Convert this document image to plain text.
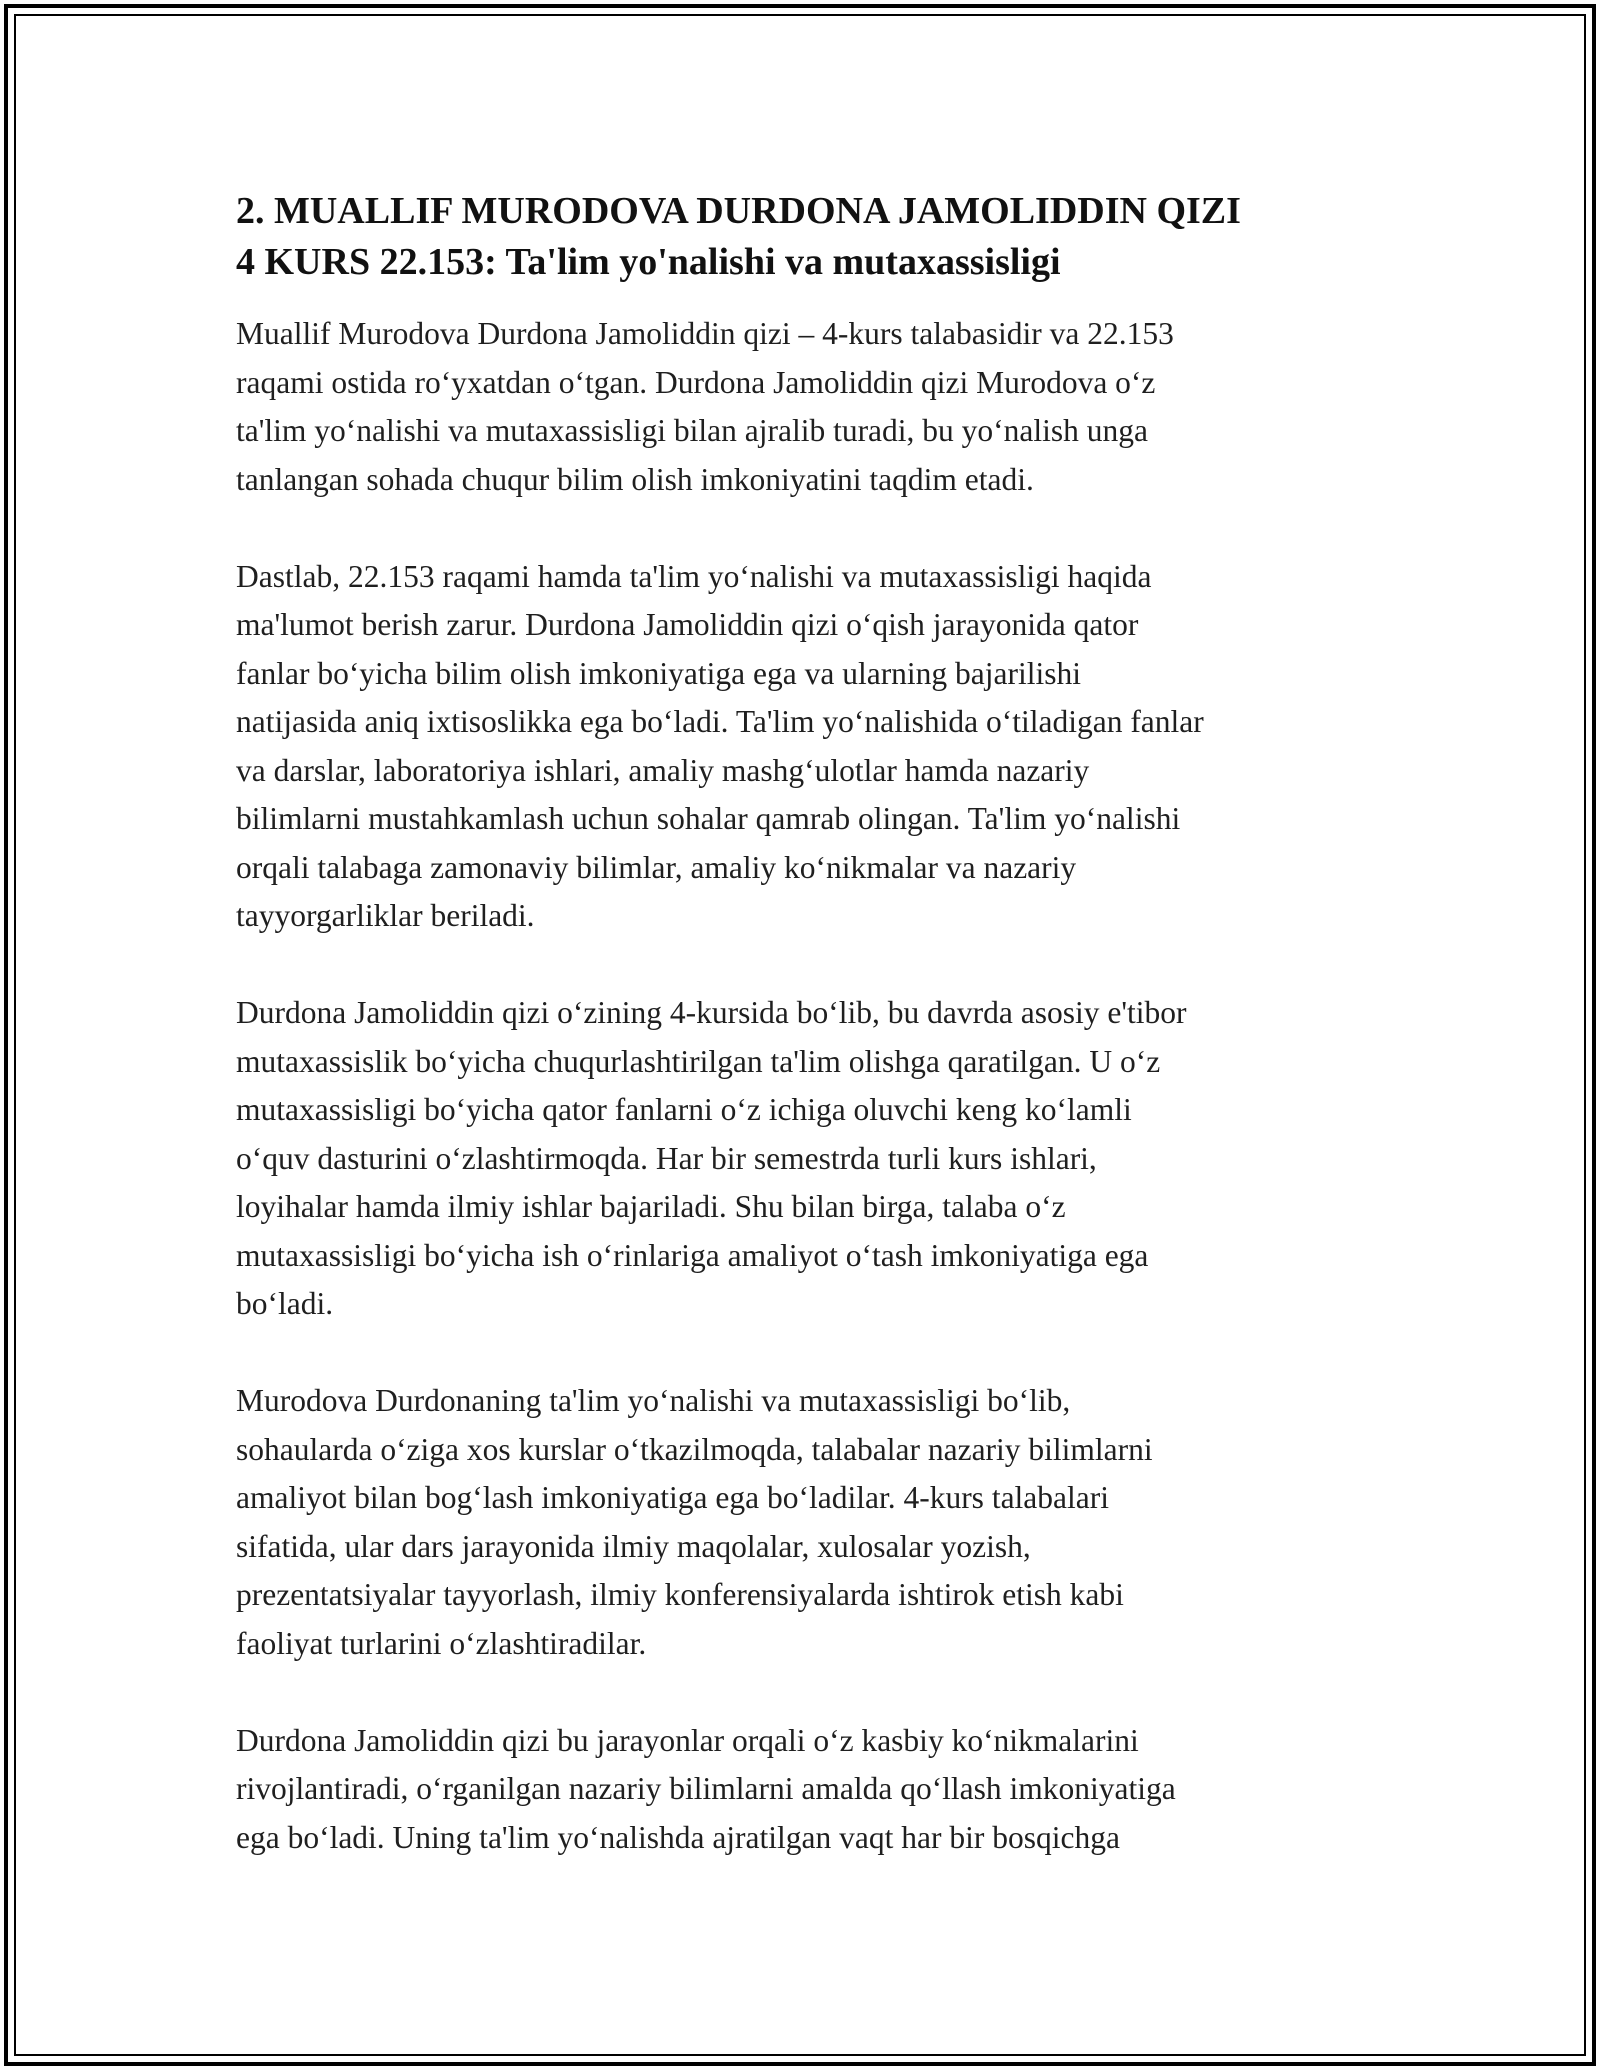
2. MUALLIF MURODOVA DURDONA JAMOLIDDIN QIZI
4 KURS 22.153: Ta'lim yo'nalishi va mutaxassisligi
Muallif Murodova Durdona Jamoliddin qizi – 4-kurs talabasidir va 22.153
raqami ostida ro‘yxatdan o‘tgan. Durdona Jamoliddin qizi Murodova o‘z
ta'lim yo‘nalishi va mutaxassisligi bilan ajralib turadi, bu yo‘nalish unga
tanlangan sohada chuqur bilim olish imkoniyatini taqdim etadi.
Dastlab, 22.153 raqami hamda ta'lim yo‘nalishi va mutaxassisligi haqida
ma'lumot berish zarur. Durdona Jamoliddin qizi o‘qish jarayonida qator
fanlar bo‘yicha bilim olish imkoniyatiga ega va ularning bajarilishi
natijasida aniq ixtisoslikka ega bo‘ladi. Ta'lim yo‘nalishida o‘tiladigan fanlar
va darslar, laboratoriya ishlari, amaliy mashg‘ulotlar hamda nazariy
bilimlarni mustahkamlash uchun sohalar qamrab olingan. Ta'lim yo‘nalishi
orqali talabaga zamonaviy bilimlar, amaliy ko‘nikmalar va nazariy
tayyorgarliklar beriladi.
Durdona Jamoliddin qizi o‘zining 4-kursida bo‘lib, bu davrda asosiy e'tibor
mutaxassislik bo‘yicha chuqurlashtirilgan ta'lim olishga qaratilgan. U o‘z
mutaxassisligi bo‘yicha qator fanlarni o‘z ichiga oluvchi keng ko‘lamli
o‘quv dasturini o‘zlashtirmoqda. Har bir semestrda turli kurs ishlari,
loyihalar hamda ilmiy ishlar bajariladi. Shu bilan birga, talaba o‘z
mutaxassisligi bo‘yicha ish o‘rinlariga amaliyot o‘tash imkoniyatiga ega
bo‘ladi.
Murodova Durdonaning ta'lim yo‘nalishi va mutaxassisligi bo‘lib,
sohaularda o‘ziga xos kurslar o‘tkazilmoqda, talabalar nazariy bilimlarni
amaliyot bilan bog‘lash imkoniyatiga ega bo‘ladilar. 4-kurs talabalari
sifatida, ular dars jarayonida ilmiy maqolalar, xulosalar yozish,
prezentatsiyalar tayyorlash, ilmiy konferensiyalarda ishtirok etish kabi
faoliyat turlarini o‘zlashtiradilar.
Durdona Jamoliddin qizi bu jarayonlar orqali o‘z kasbiy ko‘nikmalarini
rivojlantiradi, o‘rganilgan nazariy bilimlarni amalda qo‘llash imkoniyatiga
ega bo‘ladi. Uning ta'lim yo‘nalishda ajratilgan vaqt har bir bosqichga
